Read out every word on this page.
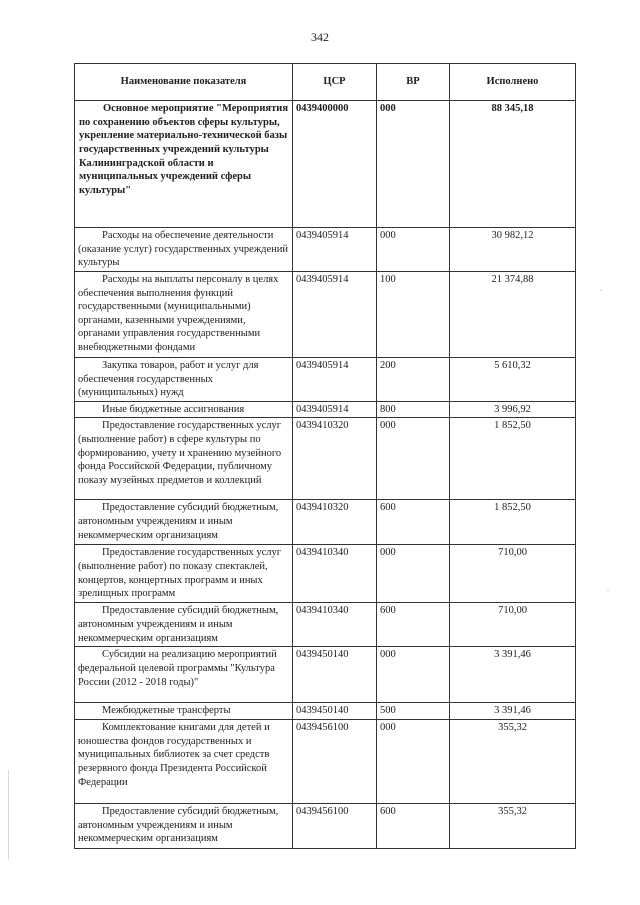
342
Наименование показателя	ЦСР	ВР	Исполнено
Основное мероприятие "Мероприятия по сохранению объектов сферы культуры, укрепление материально-технической базы государственных учреждений культуры Калининградской области и муниципальных учреждений сферы культуры"	0439400000	000	88 345,18
Расходы на обеспечение деятельности (оказание услуг) государственных учреждений культуры	0439405914	000	30 982,12
Расходы на выплаты персоналу в целях обеспечения выполнения функций государственными (муниципальными) органами, казенными учреждениями, органами управления государственными внебюджетными фондами	0439405914	100	21 374,88
Закупка товаров, работ и услуг для обеспечения государственных (муниципальных) нужд	0439405914	200	5 610,32
Иные бюджетные ассигнования	0439405914	800	3 996,92
Предоставление государственных услуг (выполнение работ) в сфере культуры по формированию, учету и хранению музейного фонда Российской Федерации, публичному показу музейных предметов и коллекций	0439410320	000	1 852,50
Предоставление субсидий бюджетным, автономным учреждениям и иным некоммерческим организациям	0439410320	600	1 852,50
Предоставление государственных услуг (выполнение работ) по показу спектаклей, концертов, концертных программ и иных зрелищных программ	0439410340	000	710,00
Предоставление субсидий бюджетным, автономным учреждениям и иным некоммерческим организациям	0439410340	600	710,00
Субсидии на реализацию мероприятий федеральной целевой программы "Культура России (2012 - 2018 годы)"	0439450140	000	3 391,46
Межбюджетные трансферты	0439450140	500	3 391,46
Комплектование книгами для детей и юношества фондов государственных и муниципальных библиотек за счет средств резервного фонда Президента Российской Федерации	0439456100	000	355,32
Предоставление субсидий бюджетным, автономным учреждениям и иным некоммерческим организациям	0439456100	600	355,32
